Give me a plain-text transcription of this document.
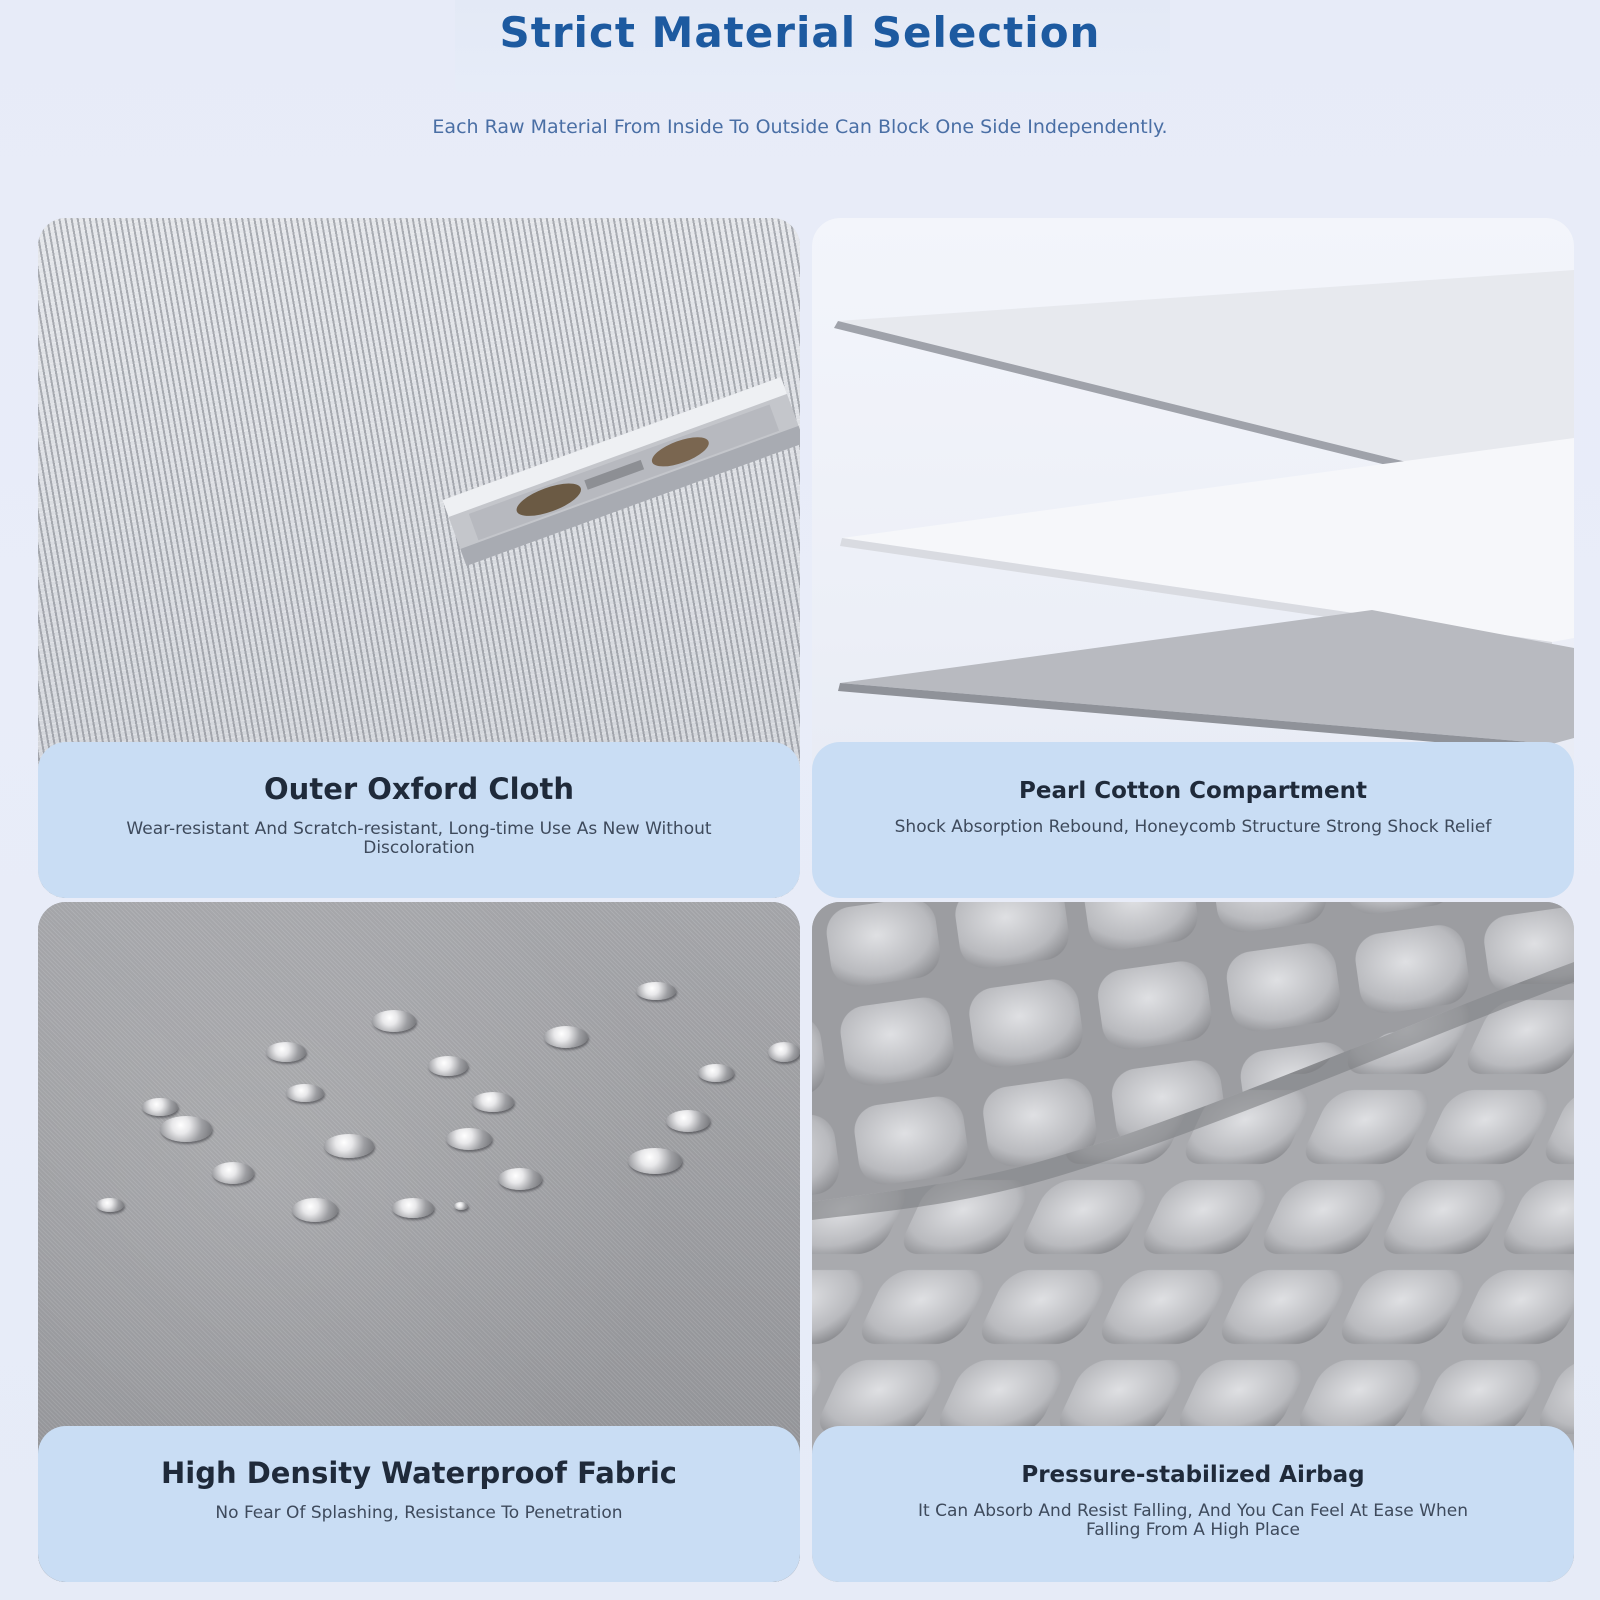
Strict Material Selection
Each Raw Material From Inside To Outside Can Block One Side Independently.
Outer Oxford Cloth
Wear-resistant And Scratch-resistant, Long-time Use As New Without Discoloration
Pearl Cotton Compartment
Shock Absorption Rebound, Honeycomb Structure Strong Shock Relief
High Density Waterproof Fabric
No Fear Of Splashing, Resistance To Penetration
Pressure-stabilized Airbag
It Can Absorb And Resist Falling, And You Can Feel At Ease When Falling From A High Place
